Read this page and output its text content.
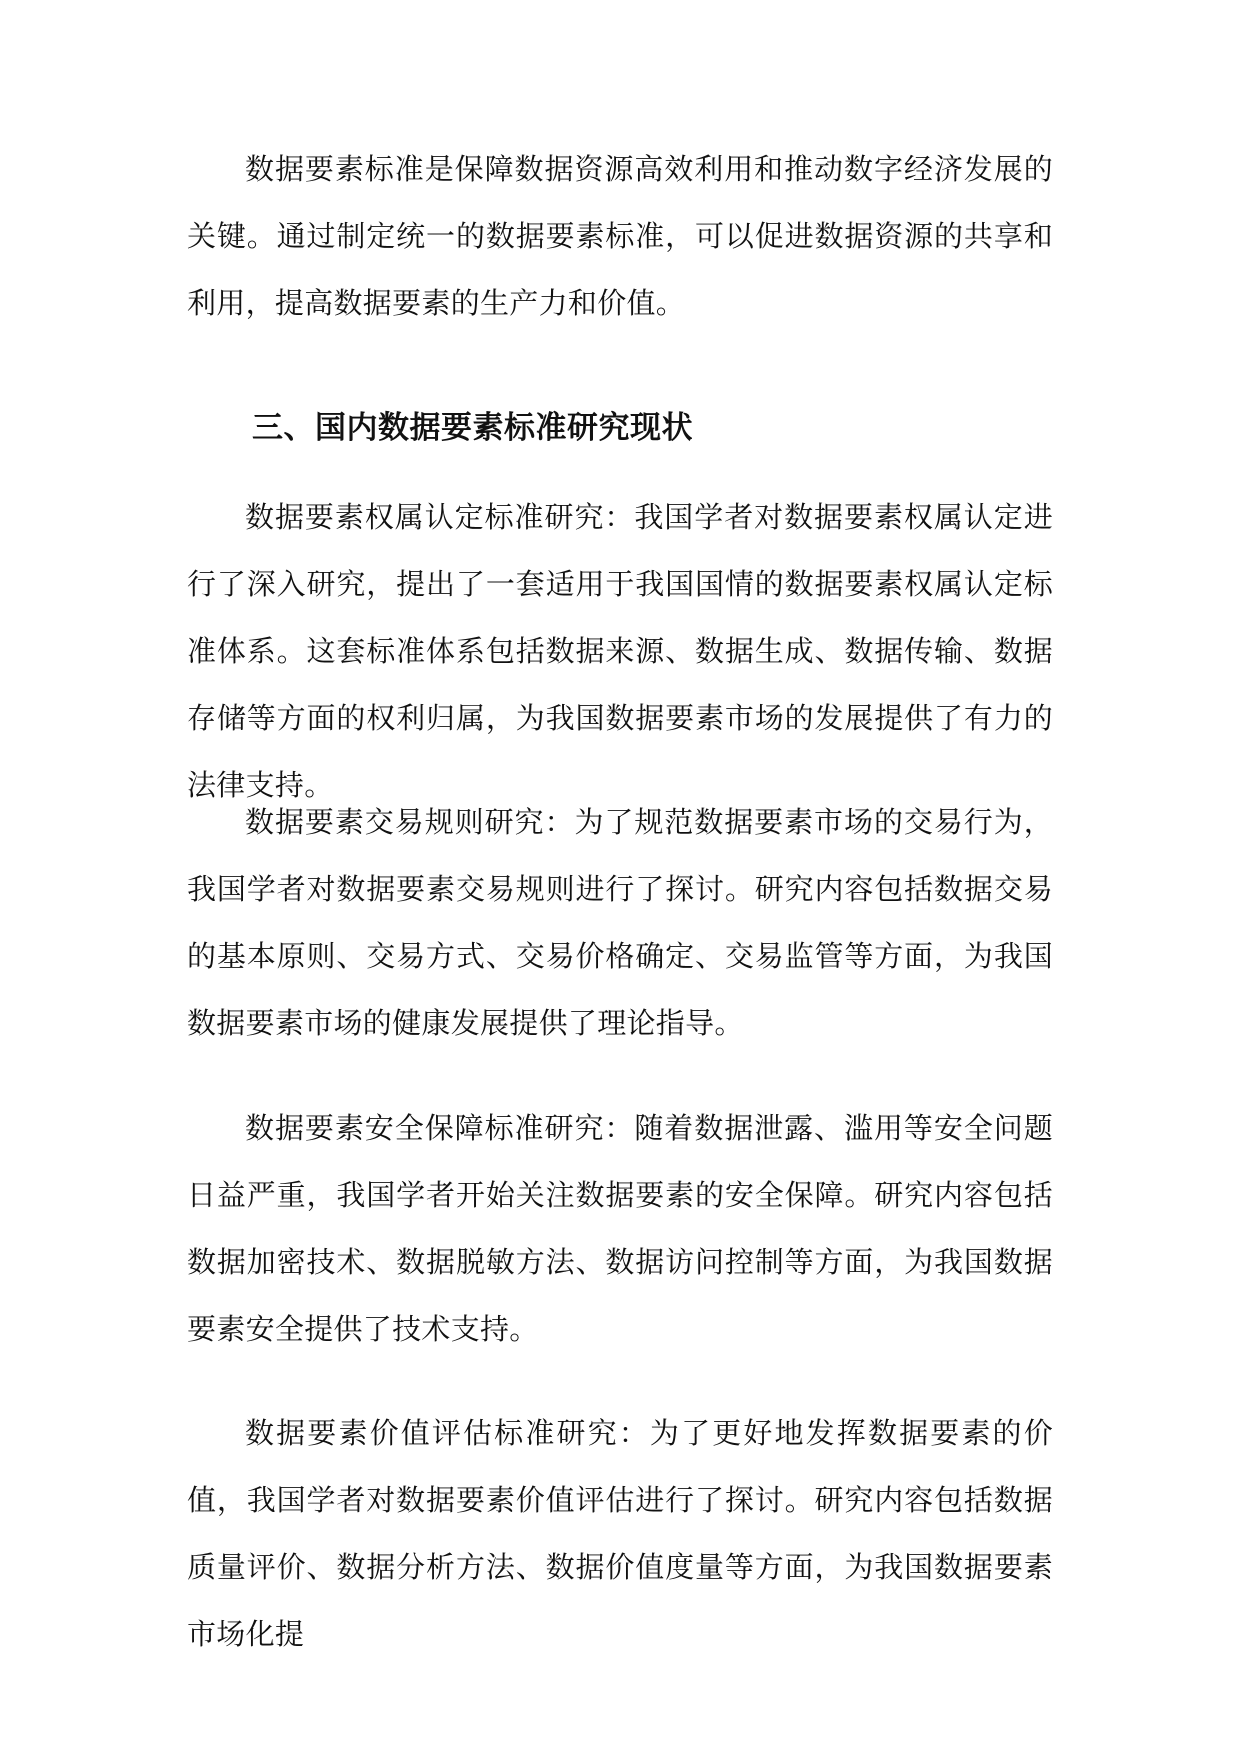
数据要素标准是保障数据资源高效利用和推动数字经济发展的关键。通过制定统一的数据要素标准，可以促进数据资源的共享和利用，提高数据要素的生产力和价值。

三、国内数据要素标准研究现状

数据要素权属认定标准研究：我国学者对数据要素权属认定进行了深入研究，提出了一套适用于我国国情的数据要素权属认定标准体系。这套标准体系包括数据来源、数据生成、数据传输、数据存储等方面的权利归属，为我国数据要素市场的发展提供了有力的法律支持。

数据要素交易规则研究：为了规范数据要素市场的交易行为，我国学者对数据要素交易规则进行了探讨。研究内容包括数据交易的基本原则、交易方式、交易价格确定、交易监管等方面，为我国数据要素市场的健康发展提供了理论指导。

数据要素安全保障标准研究：随着数据泄露、滥用等安全问题日益严重，我国学者开始关注数据要素的安全保障。研究内容包括数据加密技术、数据脱敏方法、数据访问控制等方面，为我国数据要素安全提供了技术支持。

数据要素价值评估标准研究：为了更好地发挥数据要素的价值，我国学者对数据要素价值评估进行了探讨。研究内容包括数据质量评价、数据分析方法、数据价值度量等方面，为我国数据要素市场化提
